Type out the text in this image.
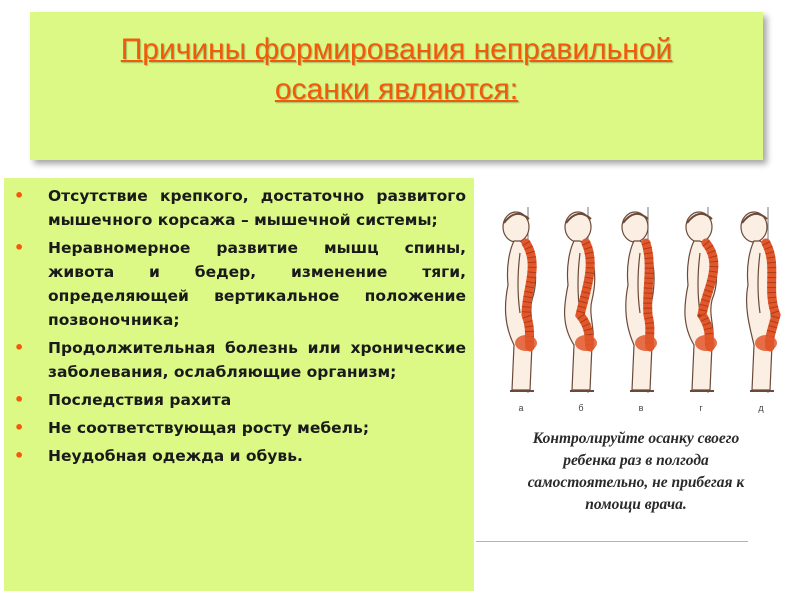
Причины формирования неправильной
осанки являются:
• Отсутствие крепкого, достаточно развитого мышечного корсажа – мышечной системы;
• Неравномерное развитие мышц спины, живота и бедер, изменение тяги, определяющей вертикальное положение позвоночника;
• Продолжительная болезнь или хронические заболевания, ослабляющие организм;
• Последствия рахита
• Не соответствующая росту мебель;
• Неудобная одежда и обувь.
а	б	в	г	д
Контролируйте осанку своего
ребенка раз в полгода
самостоятельно, не прибегая к
помощи врача.
